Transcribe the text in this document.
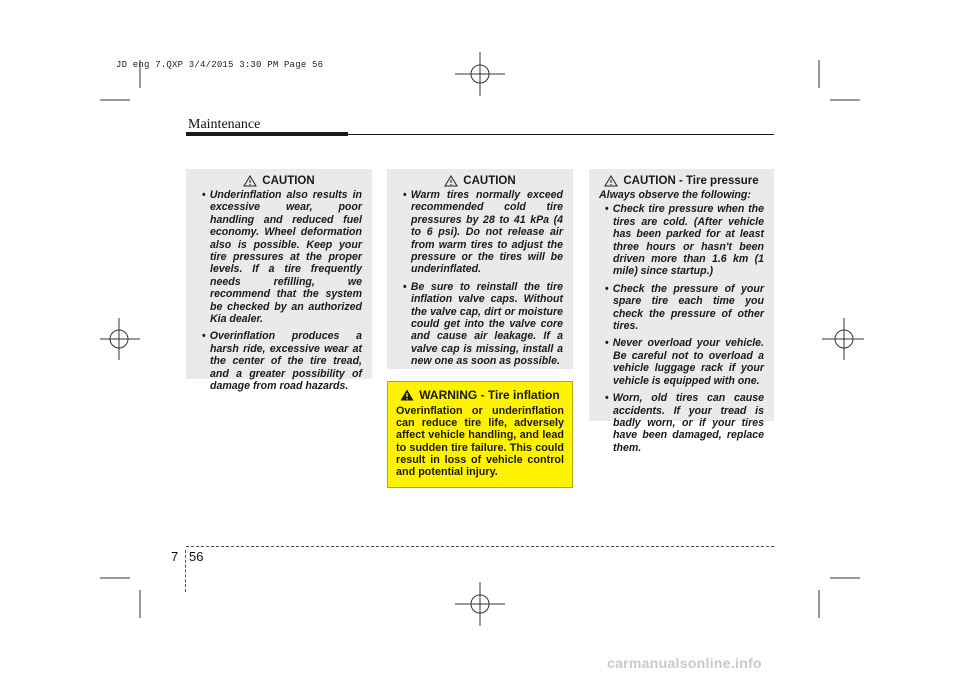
JD eng 7.QXP 3/4/2015 3:30 PM Page 56
Maintenance
CAUTION
• Underinflation also results in excessive wear, poor handling and reduced fuel economy. Wheel deformation also is possible. Keep your tire pressures at the proper levels. If a tire frequently needs refilling, we recommend that the system be checked by an authorized Kia dealer.
• Overinflation produces a harsh ride, excessive wear at the center of the tire tread, and a greater possibility of damage from road hazards.
CAUTION
• Warm tires normally exceed recommended cold tire pressures by 28 to 41 kPa (4 to 6 psi). Do not release air from warm tires to adjust the pressure or the tires will be underinflated.
• Be sure to reinstall the tire inflation valve caps. Without the valve cap, dirt or moisture could get into the valve core and cause air leakage. If a valve cap is missing, install a new one as soon as possible.
WARNING - Tire inflation

Overinflation or underinflation can reduce tire life, adversely affect vehicle handling, and lead to sudden tire failure. This could result in loss of vehicle control and potential injury.

CAUTION - Tire pressure

Always observe the following:

• Check tire pressure when the tires are cold. (After vehicle has been parked for at least three hours or hasn't been driven more than 1.6 km (1 mile) since startup.)
• Check the pressure of your spare tire each time you check the pressure of other tires.
• Never overload your vehicle. Be careful not to overload a vehicle luggage rack if your vehicle is equipped with one.
• Worn, old tires can cause accidents. If your tread is badly worn, or if your tires have been damaged, replace them.
7 56
carmanualsonline.info
